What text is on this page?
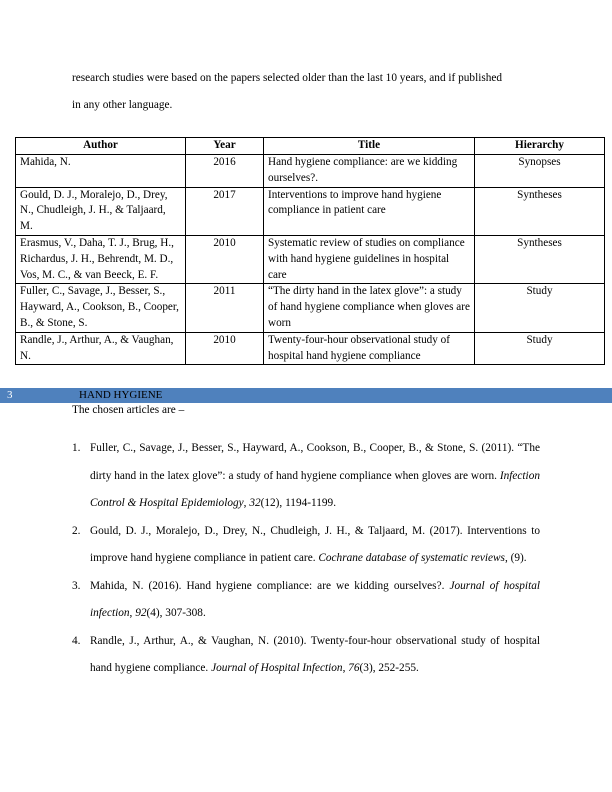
research studies were based on the papers selected older than the last 10 years, and if published

in any other language.

Author	Year	Title	Hierarchy
Mahida, N.	2016	Hand hygiene compliance: are we kidding ourselves?.	Synopses
Gould, D. J., Moralejo, D., Drey, N., Chudleigh, J. H., & Taljaard, M.	2017	Interventions to improve hand hygiene compliance in patient care	Syntheses
Erasmus, V., Daha, T. J., Brug, H., Richardus, J. H., Behrendt, M. D., Vos, M. C., & van Beeck, E. F.	2010	Systematic review of studies on compliance with hand hygiene guidelines in hospital care	Syntheses
Fuller, C., Savage, J., Besser, S., Hayward, A., Cookson, B., Cooper, B., & Stone, S.	2011	“The dirty hand in the latex glove”: a study of hand hygiene compliance when gloves are worn	Study
Randle, J., Arthur, A., & Vaughan, N.	2010	Twenty-four-hour observational study of hospital hand hygiene compliance	Study
3	HAND HYGIENE
The chosen articles are –
1. Fuller, C., Savage, J., Besser, S., Hayward, A., Cookson, B., Cooper, B., & Stone, S. (2011). “The dirty hand in the latex glove”: a study of hand hygiene compliance when gloves are worn. Infection Control & Hospital Epidemiology, 32(12), 1194-1199.
2. Gould, D. J., Moralejo, D., Drey, N., Chudleigh, J. H., & Taljaard, M. (2017). Interventions to improve hand hygiene compliance in patient care. Cochrane database of systematic reviews, (9).
3. Mahida, N. (2016). Hand hygiene compliance: are we kidding ourselves?. Journal of hospital infection, 92(4), 307-308.
4. Randle, J., Arthur, A., & Vaughan, N. (2010). Twenty-four-hour observational study of hospital hand hygiene compliance. Journal of Hospital Infection, 76(3), 252-255.
